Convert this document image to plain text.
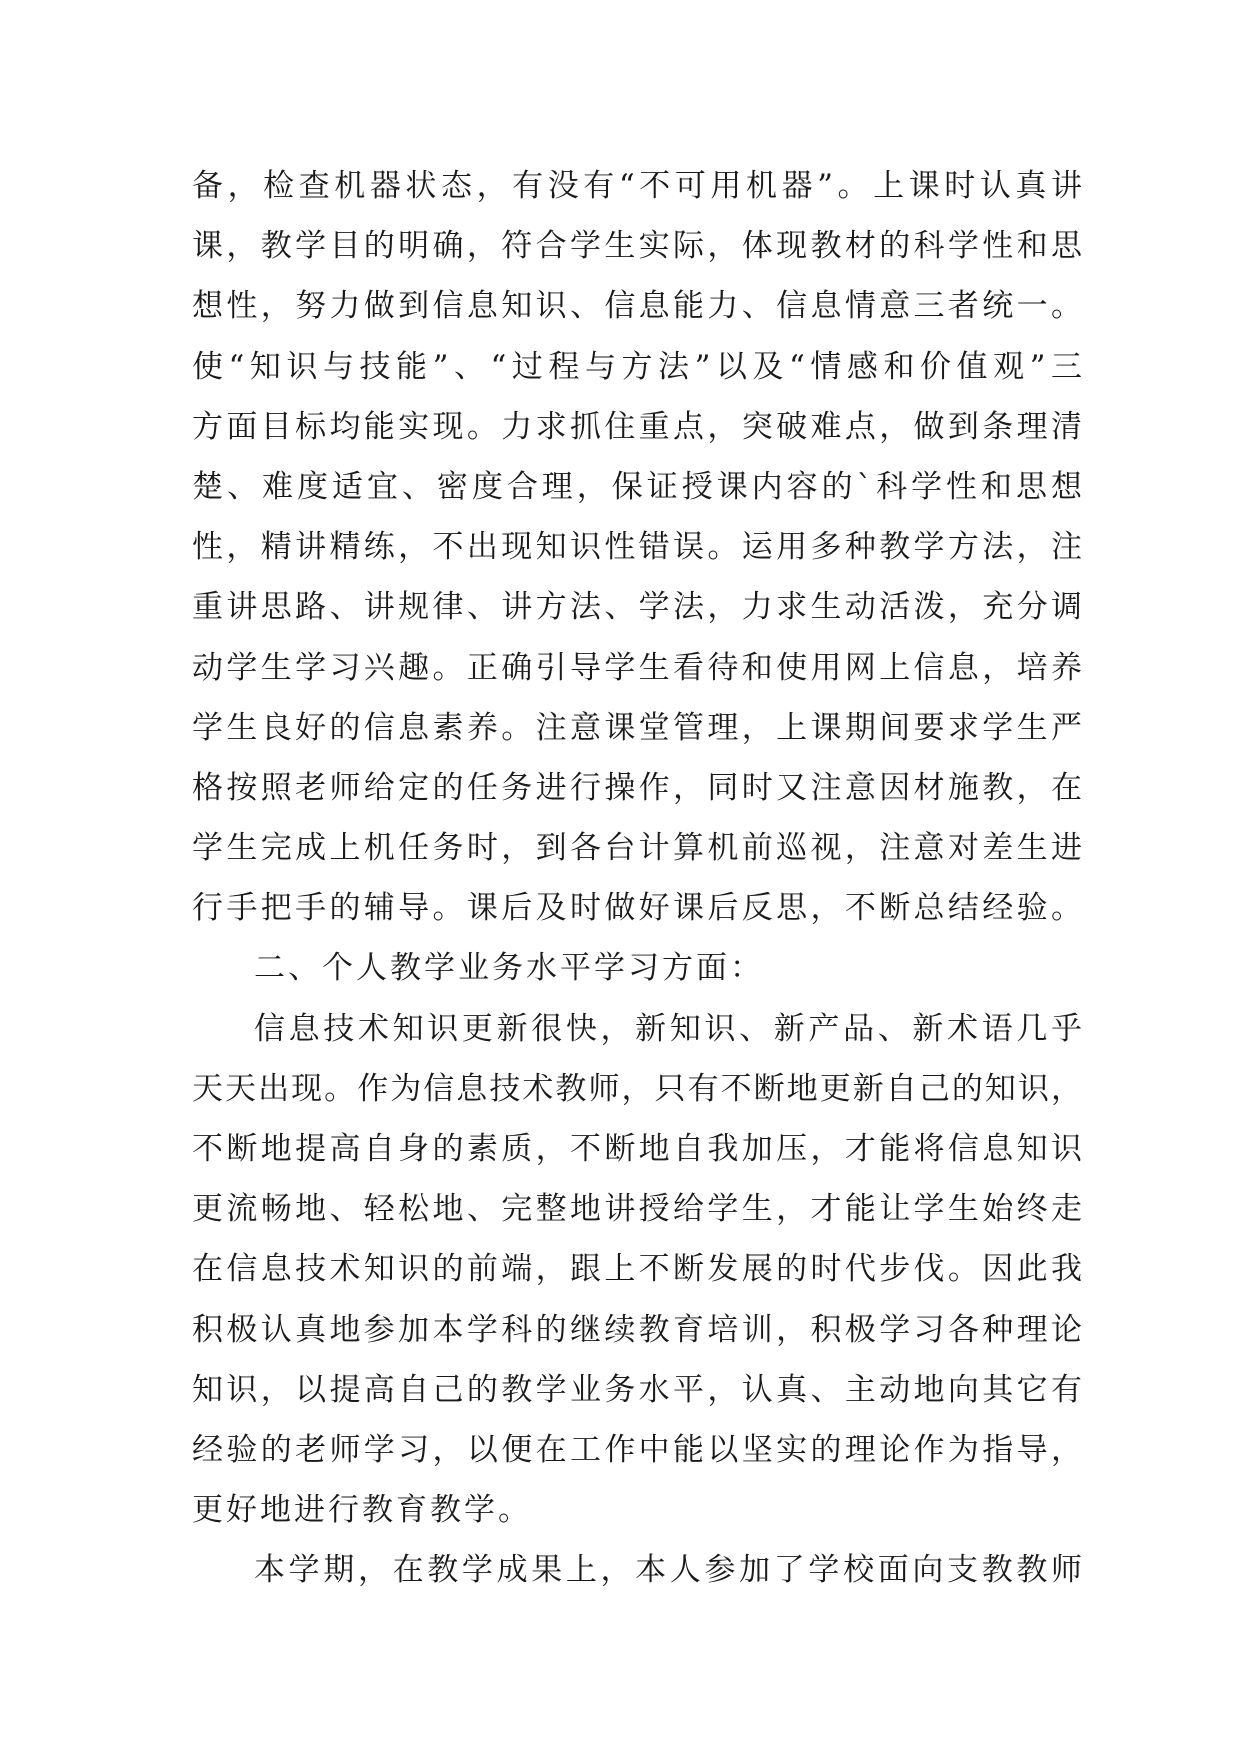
备，检查机器状态，有没有“不可用机器”。上课时认真讲
课，教学目的明确，符合学生实际，体现教材的科学性和思
想性，努力做到信息知识、信息能力、信息情意三者统一。
使“知识与技能”、“过程与方法”以及“情感和价值观”三
方面目标均能实现。力求抓住重点，突破难点，做到条理清
楚、难度适宜、密度合理，保证授课内容的`科学性和思想
性，精讲精练，不出现知识性错误。运用多种教学方法，注
重讲思路、讲规律、讲方法、学法，力求生动活泼，充分调
动学生学习兴趣。正确引导学生看待和使用网上信息，培养
学生良好的信息素养。注意课堂管理，上课期间要求学生严
格按照老师给定的任务进行操作，同时又注意因材施教，在
学生完成上机任务时，到各台计算机前巡视，注意对差生进
行手把手的辅导。课后及时做好课后反思，不断总结经验。
二、个人教学业务水平学习方面：
信息技术知识更新很快，新知识、新产品、新术语几乎
天天出现。作为信息技术教师，只有不断地更新自己的知识，
不断地提高自身的素质，不断地自我加压，才能将信息知识
更流畅地、轻松地、完整地讲授给学生，才能让学生始终走
在信息技术知识的前端，跟上不断发展的时代步伐。因此我
积极认真地参加本学科的继续教育培训，积极学习各种理论
知识，以提高自己的教学业务水平，认真、主动地向其它有
经验的老师学习，以便在工作中能以坚实的理论作为指导，
更好地进行教育教学。
本学期，在教学成果上，本人参加了学校面向支教教师
